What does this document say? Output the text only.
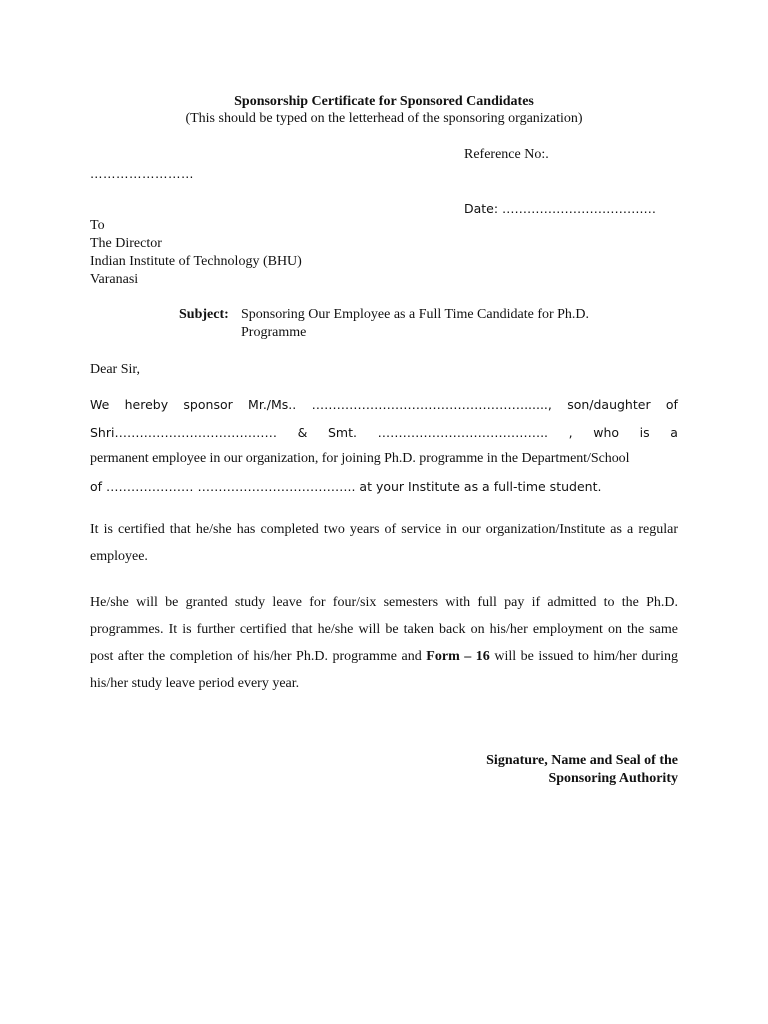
Sponsorship Certificate for Sponsored Candidates
(This should be typed on the letterhead of the sponsoring organization)
Reference No:.
……………………
Date: …………………………….…
To
The Director
Indian Institute of Technology (BHU)
Varanasi
Subject: Sponsoring Our Employee as a Full Time Candidate for Ph.D.
Programme
Dear Sir,
We hereby sponsor Mr./Ms.. ……………………………………………......, son/daughter of
Shri………………………………… & Smt. ………………………………….. , who is a
permanent employee in our organization, for joining Ph.D. programme in the Department/School
of ………………… ……………………………….. at your Institute as a full-time student.
It is certified that he/she has completed two years of service in our organization/Institute as a regular employee.
He/she will be granted study leave for four/six semesters with full pay if admitted to the Ph.D. programmes. It is further certified that he/she will be taken back on his/her employment on the same post after the completion of his/her Ph.D. programme and Form – 16 will be issued to him/her during his/her study leave period every year.
Signature, Name and Seal of the
Sponsoring Authority
